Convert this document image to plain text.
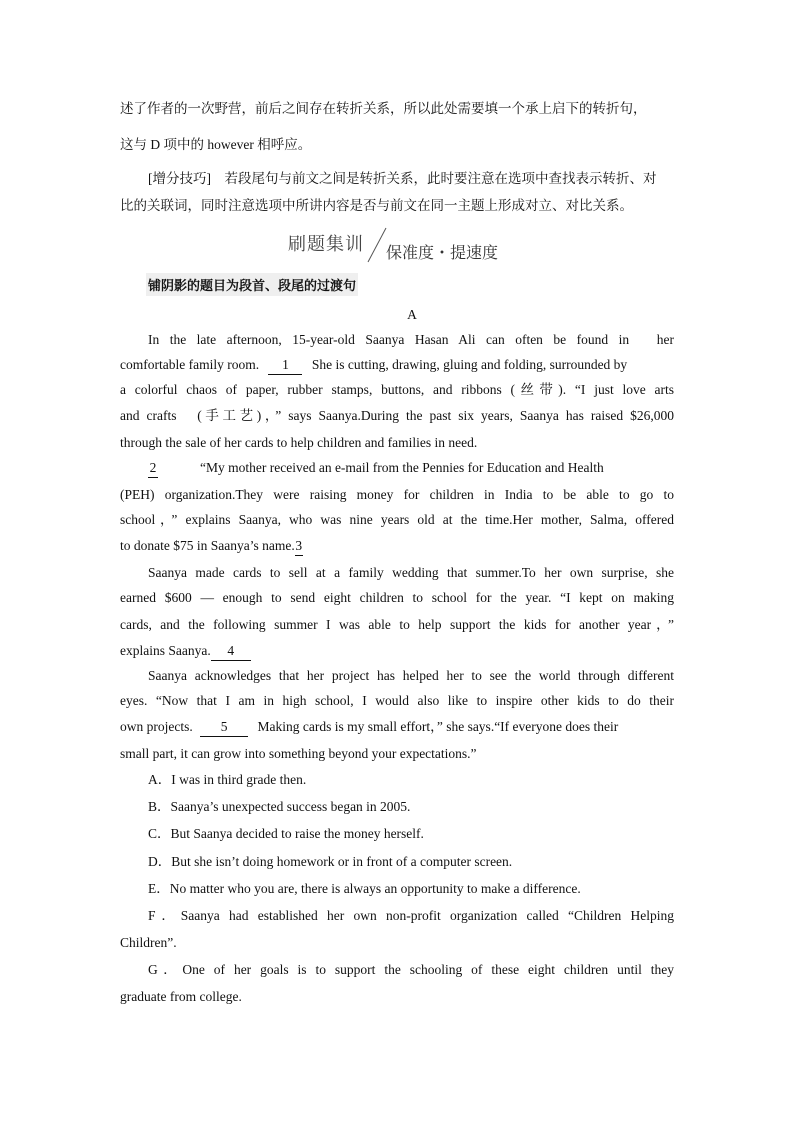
述了作者的一次野营，前后之间存在转折关系，所以此处需要填一个承上启下的转折句，
这与 D 项中的 however 相呼应。
[增分技巧]　若段尾句与前文之间是转折关系，此时要注意在选项中查找表示转折、对
比的关联词，同时注意选项中所讲内容是否与前文在同一主题上形成对立、对比关系。
刷题集训 保准度・提速度
铺阴影的题目为段首、段尾的过渡句
A
In the late afternoon, 15-year-old Saanya Hasan Ali can often be found in　her
comfortable family room. 1 She is cutting, drawing, gluing and folding, surrounded by
a colorful chaos of paper, rubber stamps, buttons, and ribbons (丝带). “I just love arts
and crafts　(手工艺)，” says Saanya.During the past six years, Saanya has raised $26,000
through the sale of her cards to help children and families in need.
2	“My mother received an e-mail from the Pennies for Education and Health
(PEH) organization.They were raising money for children in India to be able to go to
school，” explains Saanya, who was nine years old at the time.Her mother, Salma, offered
to donate $75 in Saanya’s name.3
Saanya made cards to sell at a family wedding that summer.To her own surprise, she
earned $600 — enough to send eight children to school for the year. “I kept on making
cards, and the following summer I was able to help support the kids for another year，”
explains Saanya. 4
Saanya acknowledges that her project has helped her to see the world through different
eyes. “Now that I am in high school, I would also like to inspire other kids to do their
own projects. 5 Making cards is my small effort，” she says.“If everyone does their
small part, it can grow into something beyond your expectations.”
A．I was in third grade then.
B．Saanya’s unexpected success began in 2005.
C．But Saanya decided to raise the money herself.
D．But she isn’t doing homework or in front of a computer screen.
E．No matter who you are, there is always an opportunity to make a difference.
F．Saanya had established her own non-profit organization called “Children Helping
Children”.
G．One of her goals is to support the schooling of these eight children until they
graduate from college.
